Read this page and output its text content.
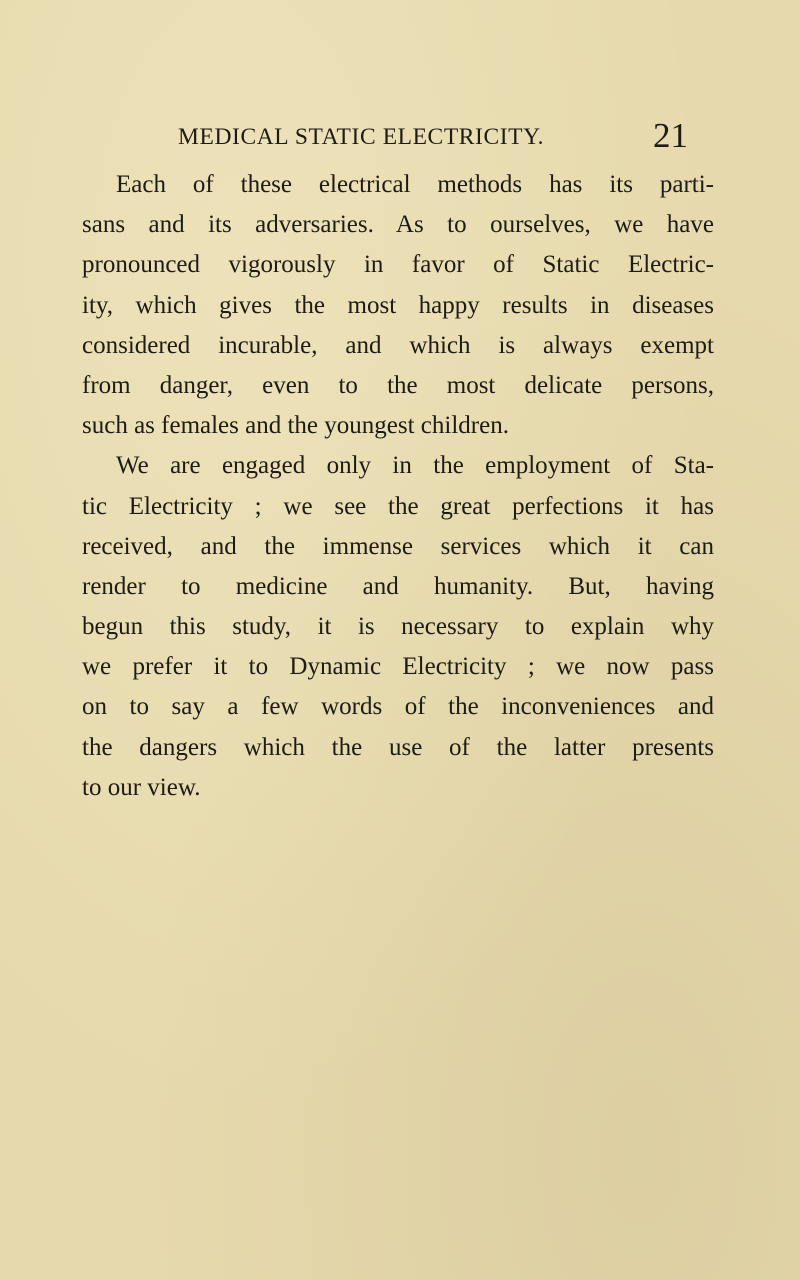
MEDICAL STATIC ELECTRICITY.	21
Each of these electrical methods has its parti-
sans and its adversaries. As to ourselves, we have
pronounced vigorously in favor of Static Electric-
ity, which gives the most happy results in diseases
considered incurable, and which is always exempt
from danger, even to the most delicate persons,
such as females and the youngest children.
We are engaged only in the employment of Sta-
tic Electricity ; we see the great perfections it has
received, and the immense services which it can
render to medicine and humanity. But, having
begun this study, it is necessary to explain why
we prefer it to Dynamic Electricity ; we now pass
on to say a few words of the inconveniences and
the dangers which the use of the latter presents
to our view.
